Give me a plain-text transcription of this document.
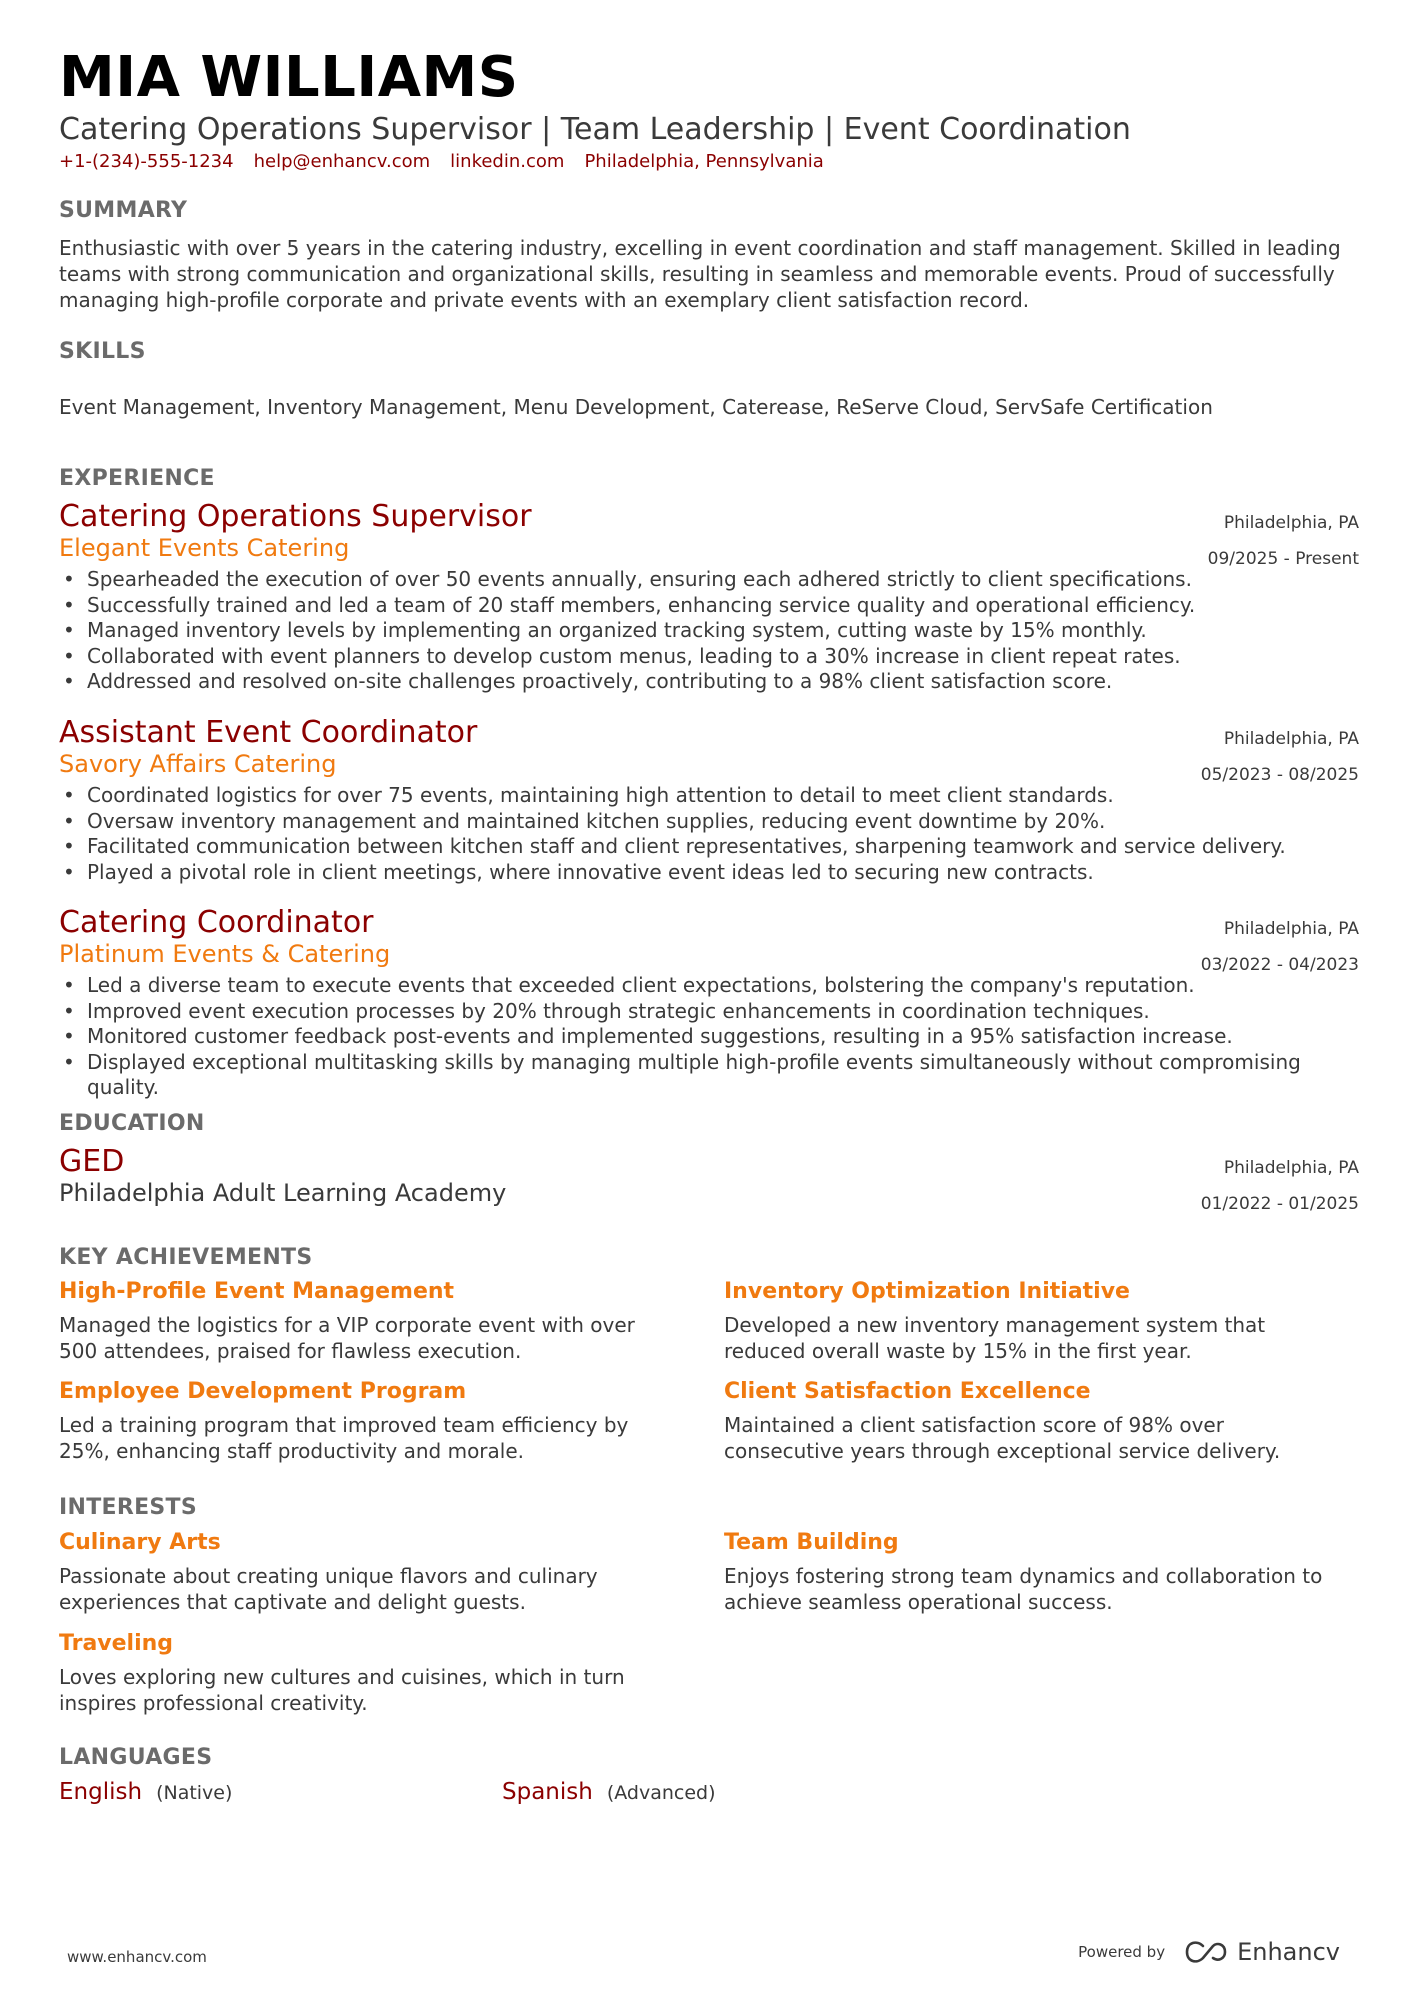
MIA WILLIAMS
Catering Operations Supervisor | Team Leadership | Event Coordination
+1-(234)-555-1234 help@enhancv.com linkedin.com Philadelphia, Pennsylvania
SUMMARY
Enthusiastic with over 5 years in the catering industry, excelling in event coordination and staff management. Skilled in leading teams with strong communication and organizational skills, resulting in seamless and memorable events. Proud of successfully managing high-profile corporate and private events with an exemplary client satisfaction record.
SKILLS
Event Management, Inventory Management, Menu Development, Caterease, ReServe Cloud, ServSafe Certification
EXPERIENCE
Catering Operations Supervisor
Elegant Events Catering
Philadelphia, PA
09/2025 - Present
• Spearheaded the execution of over 50 events annually, ensuring each adhered strictly to client specifications.
• Successfully trained and led a team of 20 staff members, enhancing service quality and operational efficiency.
• Managed inventory levels by implementing an organized tracking system, cutting waste by 15% monthly.
• Collaborated with event planners to develop custom menus, leading to a 30% increase in client repeat rates.
• Addressed and resolved on-site challenges proactively, contributing to a 98% client satisfaction score.
Assistant Event Coordinator
Savory Affairs Catering
Philadelphia, PA
05/2023 - 08/2025
• Coordinated logistics for over 75 events, maintaining high attention to detail to meet client standards.
• Oversaw inventory management and maintained kitchen supplies, reducing event downtime by 20%.
• Facilitated communication between kitchen staff and client representatives, sharpening teamwork and service delivery.
• Played a pivotal role in client meetings, where innovative event ideas led to securing new contracts.
Catering Coordinator
Platinum Events & Catering
Philadelphia, PA
03/2022 - 04/2023
• Led a diverse team to execute events that exceeded client expectations, bolstering the company's reputation.
• Improved event execution processes by 20% through strategic enhancements in coordination techniques.
• Monitored customer feedback post-events and implemented suggestions, resulting in a 95% satisfaction increase.
• Displayed exceptional multitasking skills by managing multiple high-profile events simultaneously without compromising quality.
EDUCATION
GED
Philadelphia Adult Learning Academy
Philadelphia, PA
01/2022 - 01/2025
KEY ACHIEVEMENTS
High-Profile Event Management
Managed the logistics for a VIP corporate event with over 500 attendees, praised for flawless execution.
Inventory Optimization Initiative
Developed a new inventory management system that reduced overall waste by 15% in the first year.
Employee Development Program
Led a training program that improved team efficiency by 25%, enhancing staff productivity and morale.
Client Satisfaction Excellence
Maintained a client satisfaction score of 98% over consecutive years through exceptional service delivery.
INTERESTS
Culinary Arts
Passionate about creating unique flavors and culinary experiences that captivate and delight guests.
Team Building
Enjoys fostering strong team dynamics and collaboration to achieve seamless operational success.
Traveling
Loves exploring new cultures and cuisines, which in turn inspires professional creativity.
LANGUAGES
English (Native)	Spanish (Advanced)
www.enhancv.com	Powered by	Enhancv
